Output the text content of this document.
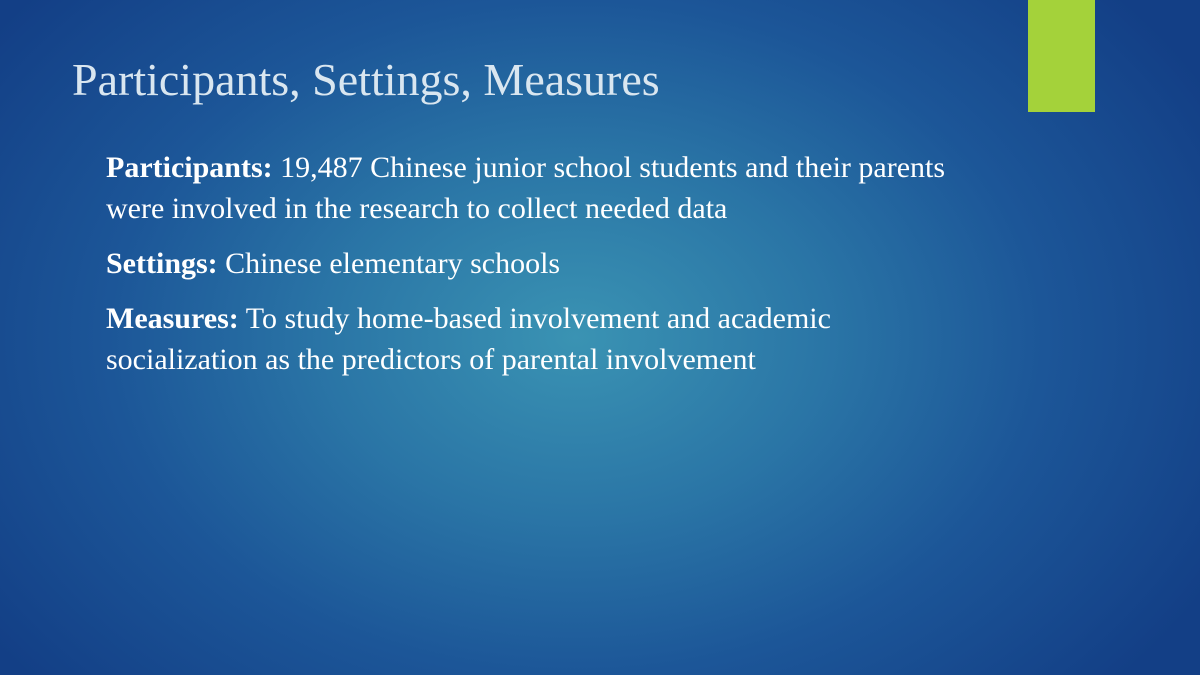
Participants, Settings, Measures

Participants: 19,487 Chinese junior school students and their parents were involved in the research to collect needed data

Settings: Chinese elementary schools

Measures: To study home-based involvement and academic socialization as the predictors of parental involvement
